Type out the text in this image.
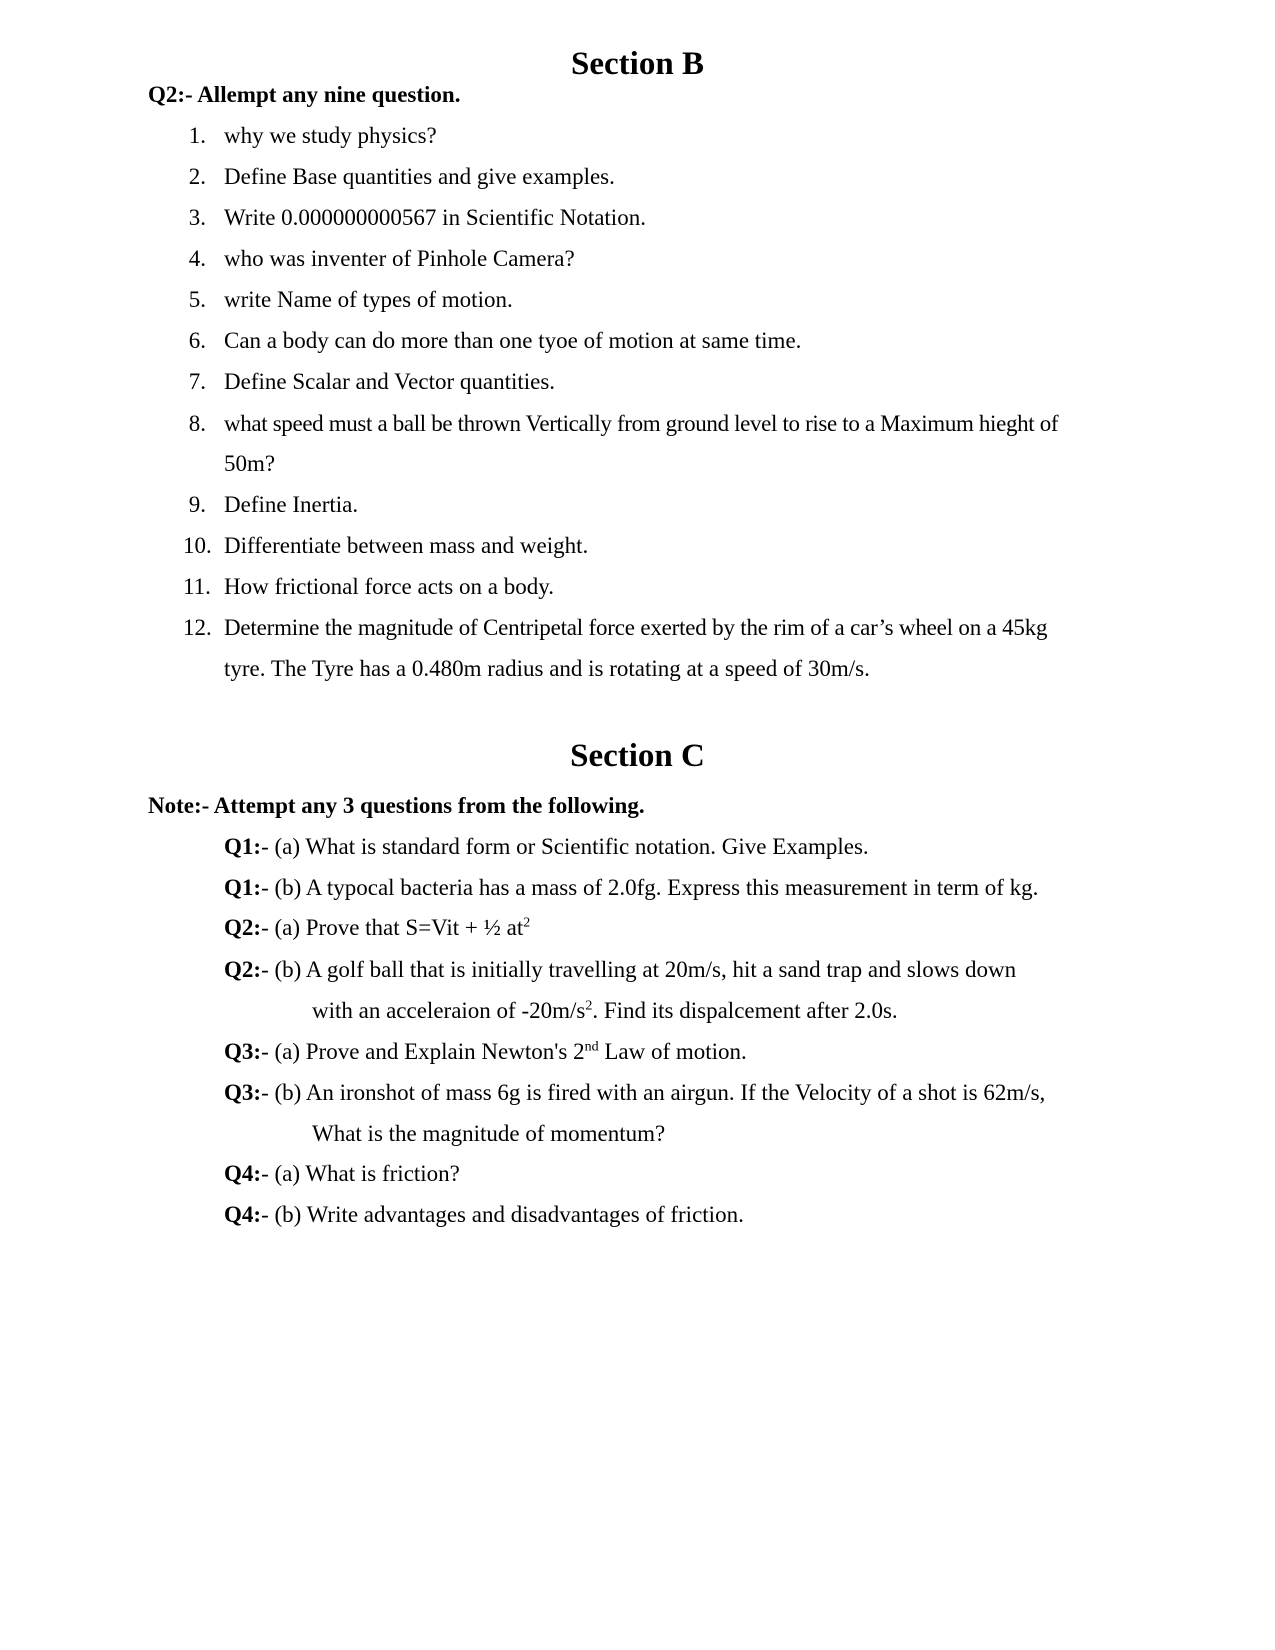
Section B

Q2:- Allempt any nine question.

1. why we study physics?
2. Define Base quantities and give examples.
3. Write 0.000000000567 in Scientific Notation.
4. who was inventer of Pinhole Camera?
5. write Name of types of motion.
6. Can a body can do more than one tyoe of motion at same time.
7. Define Scalar and Vector quantities.
8. what speed must a ball be thrown Vertically from ground level to rise to a Maximum hieght of
50m?
9. Define Inertia.
10. Differentiate between mass and weight.
11. How frictional force acts on a body.
12. Determine the magnitude of Centripetal force exerted by the rim of a car’s wheel on a 45kg
tyre. The Tyre has a 0.480m radius and is rotating at a speed of 30m/s.
Section C

Note:- Attempt any 3 questions from the following.

Q1:- (a) What is standard form or Scientific notation. Give Examples.
Q1:- (b) A typocal bacteria has a mass of 2.0fg. Express this measurement in term of kg.
Q2:- (a) Prove that S=Vit + ½ $at^2$
Q2:- (b) A golf ball that is initially travelling at 20m/s, hit a sand trap and slows down
with an acceleraion of $-20m/s^2$. Find its dispalcement after 2.0s.
Q3:- (a) Prove and Explain Newton's 2nd Law of motion.
Q3:- (b) An ironshot of mass 6g is fired with an airgun. If the Velocity of a shot is 62m/s,
What is the magnitude of momentum?
Q4:- (a) What is friction?
Q4:- (b) Write advantages and disadvantages of friction.
